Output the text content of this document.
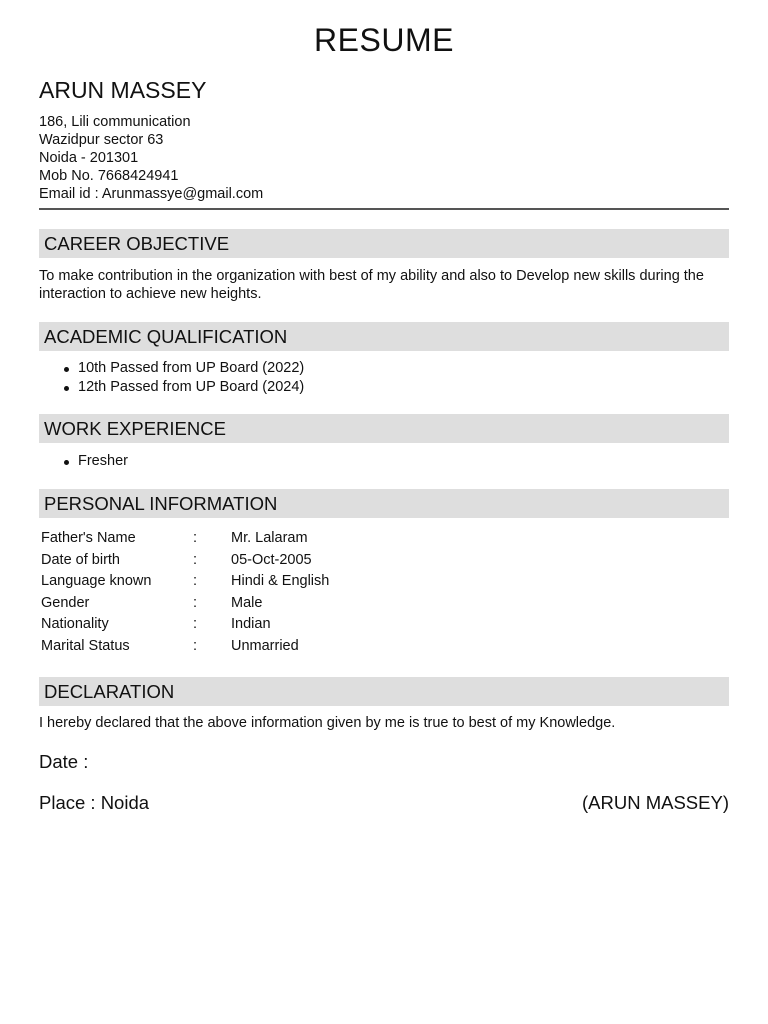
RESUME
ARUN MASSEY
186, Lili communication
Wazidpur sector 63
Noida - 201301
Mob No. 7668424941
Email id : Arunmassye@gmail.com
CAREER OBJECTIVE
To make contribution in the organization with best of my ability and also to Develop new skills during the interaction to achieve new heights.
ACADEMIC QUALIFICATION
10th Passed from UP Board (2022)
12th Passed from UP Board (2024)
WORK EXPERIENCE
Fresher
PERSONAL INFORMATION
Father's Name	: Mr. Lalaram
Date of birth	: 05-Oct-2005
Language known	: Hindi & English
Gender	: Male
Nationality	: Indian
Marital Status	: Unmarried
DECLARATION
I hereby declared that the above information given by me is true to best of my Knowledge.
Date :
Place : Noida	(ARUN MASSEY)
